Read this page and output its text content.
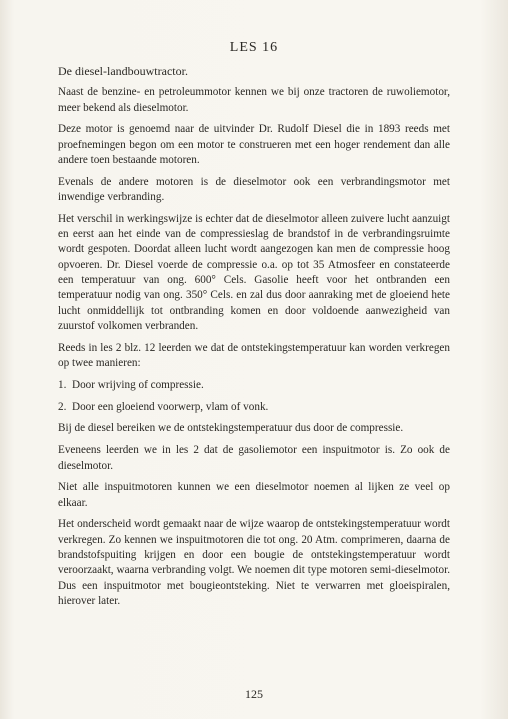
LES 16
De diesel-landbouwtractor.

Naast de benzine- en petroleummotor kennen we bij onze tractoren de ruwoliemotor, meer bekend als dieselmotor.

Deze motor is genoemd naar de uitvinder Dr. Rudolf Diesel die in 1893 reeds met proefnemingen begon om een motor te construeren met een hoger rendement dan alle andere toen bestaande motoren.

Evenals de andere motoren is de dieselmotor ook een verbrandingsmotor met inwendige verbranding.

Het verschil in werkingswijze is echter dat de dieselmotor alleen zuivere lucht aanzuigt en eerst aan het einde van de compressieslag de brandstof in de verbrandingsruimte wordt gespoten. Doordat alleen lucht wordt aangezogen kan men de compressie hoog opvoeren. Dr. Diesel voerde de compressie o.a. op tot 35 Atmosfeer en constateerde een temperatuur van ong. 600° Cels. Gasolie heeft voor het ontbranden een temperatuur nodig van ong. 350° Cels. en zal dus door aanraking met de gloeiend hete lucht onmiddellijk tot ontbranding komen en door voldoende aanwezigheid van zuurstof volkomen verbranden.

Reeds in les 2 blz. 12 leerden we dat de ontstekingstemperatuur kan worden verkregen op twee manieren:

1. Door wrijving of compressie.
2. Door een gloeiend voorwerp, vlam of vonk.

Bij de diesel bereiken we de ontstekingstemperatuur dus door de compressie.

Eveneens leerden we in les 2 dat de gasoliemotor een inspuitmotor is. Zo ook de dieselmotor.

Niet alle inspuitmotoren kunnen we een dieselmotor noemen al lijken ze veel op elkaar.

Het onderscheid wordt gemaakt naar de wijze waarop de ontstekingstemperatuur wordt verkregen. Zo kennen we inspuitmotoren die tot ong. 20 Atm. comprimeren, daarna de brandstofspuiting krijgen en door een bougie de ontstekingstemperatuur wordt veroorzaakt, waarna verbranding volgt. We noemen dit type motoren semi-dieselmotor. Dus een inspuitmotor met bougieontsteking. Niet te verwarren met gloeispiralen, hierover later.

125
